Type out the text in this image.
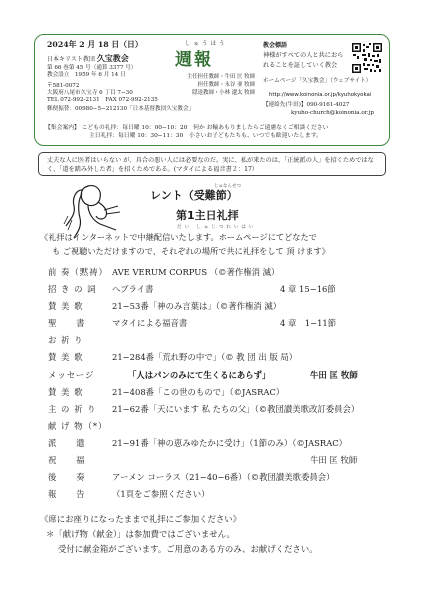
2024年 2 月 18 日（日）
日本キリスト教団 久宝教会
第 66 巻第 45 号（通算 3377 号）
教会設立　1959 年 6 月 14 日
〒581-0072
大阪府八尾市久宝寺 6 丁目 7−30
TEL 072-992-2131　FAX 072-992-2135
郵便振替：00980−5−212130「日本基督教団久宝教会」
しゅうほう
週報
主任担任教師・牛田 匡 牧師
担任教師・永谷 亜 牧師
隠退教師・小林 遼太 牧師
教会標語
神様がすべての人と共におられることを証していく教会
ホームページ「久宝教会」（ウェブサイト）
http://www.koinonia.or.jp/kyuhokyokai
【連絡先(牛田)】090-9161-4027
kyuho-church@koinonia.or.jp
【集会案内】 こどもの礼拝：毎日曜 10：00−10：20　何か お輸あもりましたらご遠慮なくご相談ください
主日礼拝：毎日曜 10：30−11：30　小さいお子どもたちも、いつでも歓迎いたします。
丈夫な人に医者はいらない が、具合の悪い人には必要なのだ。実に、私が来たのは、「正統派の人」を招くためではなく、「道を踏み外した者」を招くためである。(マタイによる福音書２：17）
じゅなんせつ
レント（受難節）
第1主日礼拝
だい しゅじつれいはい
《礼拝はインターネットで中継配信いたします。ホームページにてどなたで
も ご視聴いただけますので、それぞれの場所で共に礼拝をして 頂 けます》
前 奏（黙祷） AVE VERUM CORPUS （©著作権消 滅）
招 き の 詞 ヘブライ書	4 章 15−16節
賛 美 歌	21−53番「神のみ言葉は」（©著作権消 滅）
聖　　書	マタイによる福音書	4 章　1−11節
お 祈 り
賛 美 歌	21−284番「荒れ野の中で」（© 教 団 出 版 局）
メッセージ	「人はパンのみにて生くるにあらず」	牛田 匡 牧師
賛 美 歌	21−408番「この世のもので」（©JASRAC）
主 の 祈 り 21−62番「天にいます 私 たちの父」（©教団讃美歌改訂委員会）
献 げ 物（*）
派　　遣	21−91番「神の恵みゆたかに受け」（1節のみ）（©JASRAC）
祝　　福	牛田 匡 牧師
後　　奏	アーメン コーラス（21−40−6番）（©教団讃美歌委員会）
報　　告	（1頁をご参照ください）
《席にお座りになったままで礼拝にご参加ください》
＊「献げ物（献金）」は参加費ではございません。
受付に献金箱がございます。ご用意のある方のみ、お献げください。
